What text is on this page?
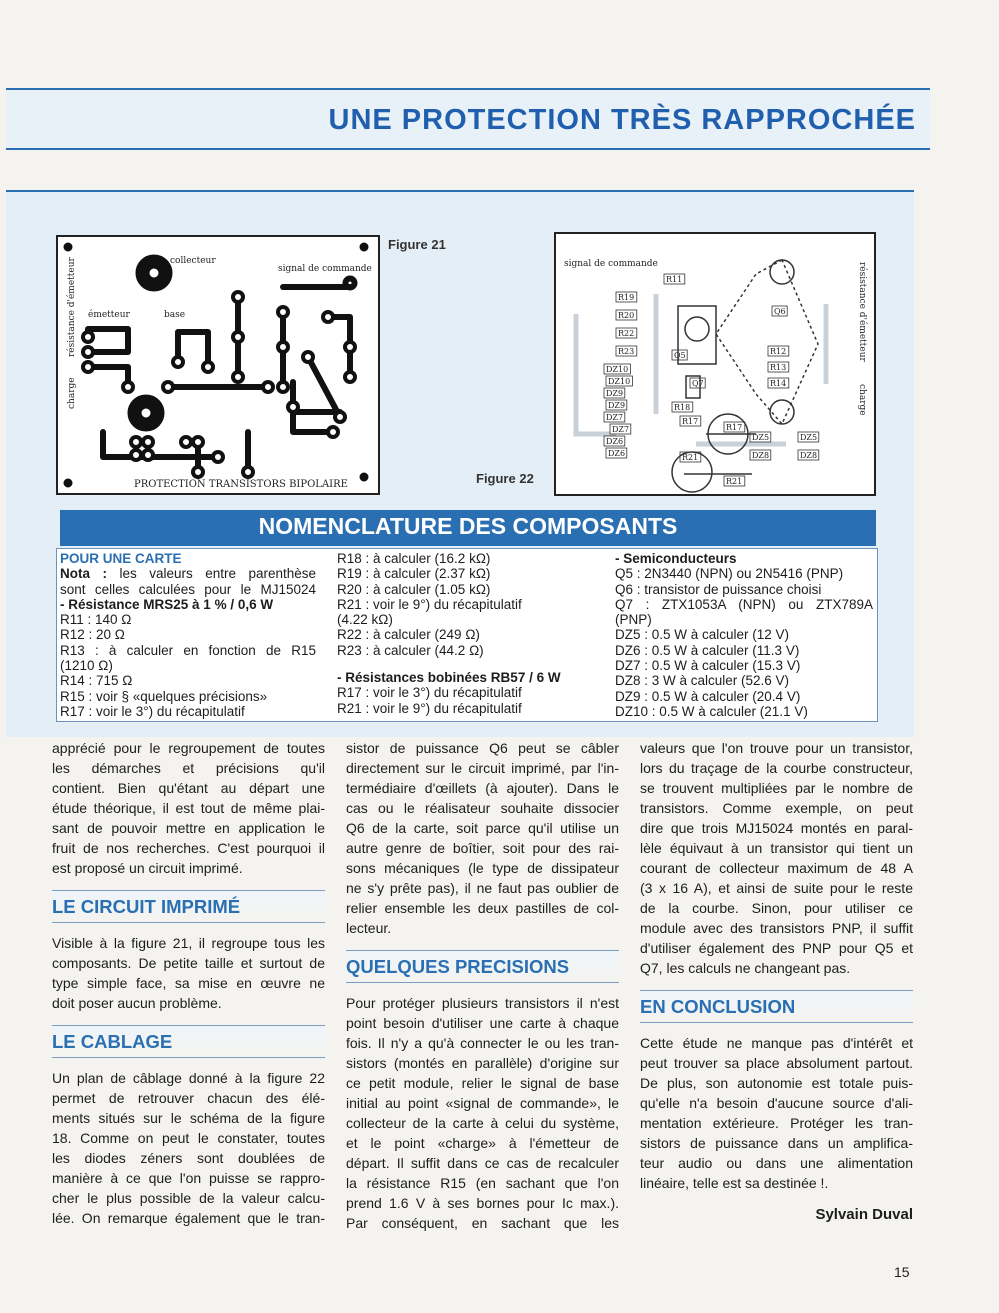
UNE PROTECTION TRÈS RAPPROCHÉE
collecteur
signal de commande
émetteur	base
résistance d'émetteur
charge
PROTECTION TRANSISTORS BIPOLAIRE
Figure 21
signal de commande	résistance d'émetteur
charge
R11
R19
R20
R22
R23
DZ10
DZ10
DZ9
DZ9
DZ7
DZ7
DZ6
DZ6
R18
Q7
Q5
Q6
R12
R13
R14
R17
R17
R21
R21
DZ5	DZ5
DZ8	DZ8
Figure 22
NOMENCLATURE DES COMPOSANTS
POUR UNE CARTE
Nota : les valeurs entre parenthèse
sont celles calculées pour le MJ15024
- Résistance MRS25 à 1 % / 0,6 W
R11 : 140 Ω
R12 : 20 Ω
R13 : à calculer en fonction de R15
(1210 Ω)
R14 : 715 Ω
R15 : voir § «quelques précisions»
R17 : voir le 3°) du récapitulatif
R18 : à calculer (16.2 kΩ)
R19 : à calculer (2.37 kΩ)
R20 : à calculer (1.05 kΩ)
R21 : voir le 9°) du récapitulatif
(4.22 kΩ)
R22 : à calculer (249 Ω)
R23 : à calculer (44.2 Ω)
- Résistances bobinées RB57 / 6 W
R17 : voir le 3°) du récapitulatif
R21 : voir le 9°) du récapitulatif
- Semiconducteurs
Q5 : 2N3440 (NPN) ou 2N5416 (PNP)
Q6 : transistor de puissance choisi
Q7 : ZTX1053A (NPN) ou ZTX789A
(PNP)
DZ5 : 0.5 W à calculer (12 V)
DZ6 : 0.5 W à calculer (11.3 V)
DZ7 : 0.5 W à calculer (15.3 V)
DZ8 : 3 W à calculer (52.6 V)
DZ9 : 0.5 W à calculer (20.4 V)
DZ10 : 0.5 W à calculer (21.1 V)

apprécié pour le regroupement de toutes
les démarches et précisions qu'il
contient. Bien qu'étant au départ une
étude théorique, il est tout de même plai-
sant de pouvoir mettre en application le
fruit de nos recherches. C'est pourquoi il
est proposé un circuit imprimé.

LE CIRCUIT IMPRIMÉ

Visible à la figure 21, il regroupe tous les
composants. De petite taille et surtout de
type simple face, sa mise en œuvre ne
doit poser aucun problème.

LE CABLAGE

Un plan de câblage donné à la figure 22
permet de retrouver chacun des élé-
ments situés sur le schéma de la figure
18. Comme on peut le constater, toutes
les diodes zéners sont doublées de
manière à ce que l'on puisse se rappro-
cher le plus possible de la valeur calcu-
lée. On remarque également que le tran-

sistor de puissance Q6 peut se câbler
directement sur le circuit imprimé, par l'in-
termédiaire d'œillets (à ajouter). Dans le
cas ou le réalisateur souhaite dissocier
Q6 de la carte, soit parce qu'il utilise un
autre genre de boîtier, soit pour des rai-
sons mécaniques (le type de dissipateur
ne s'y prête pas), il ne faut pas oublier de
relier ensemble les deux pastilles de col-
lecteur.

QUELQUES PRECISIONS

Pour protéger plusieurs transistors il n'est
point besoin d'utiliser une carte à chaque
fois. Il n'y a qu'à connecter le ou les tran-
sistors (montés en parallèle) d'origine sur
ce petit module, relier le signal de base
initial au point «signal de commande», le
collecteur de la carte à celui du système,
et le point «charge» à l'émetteur de
départ. Il suffit dans ce cas de recalculer
la résistance R15 (en sachant que l'on
prend 1.6 V à ses bornes pour Ic max.).
Par conséquent, en sachant que les

valeurs que l'on trouve pour un transistor,
lors du traçage de la courbe constructeur,
se trouvent multipliées par le nombre de
transistors. Comme exemple, on peut
dire que trois MJ15024 montés en paral-
lèle équivaut à un transistor qui tient un
courant de collecteur maximum de 48 A
(3 x 16 A), et ainsi de suite pour le reste
de la courbe. Sinon, pour utiliser ce
module avec des transistors PNP, il suffit
d'utiliser également des PNP pour Q5 et
Q7, les calculs ne changeant pas.

EN CONCLUSION

Cette étude ne manque pas d'intérêt et
peut trouver sa place absolument partout.
De plus, son autonomie est totale puis-
qu'elle n'a besoin d'aucune source d'ali-
mentation extérieure. Protéger les tran-
sistors de puissance dans un amplifica-
teur audio ou dans une alimentation
linéaire, telle est sa destinée !.

Sylvain Duval
15
